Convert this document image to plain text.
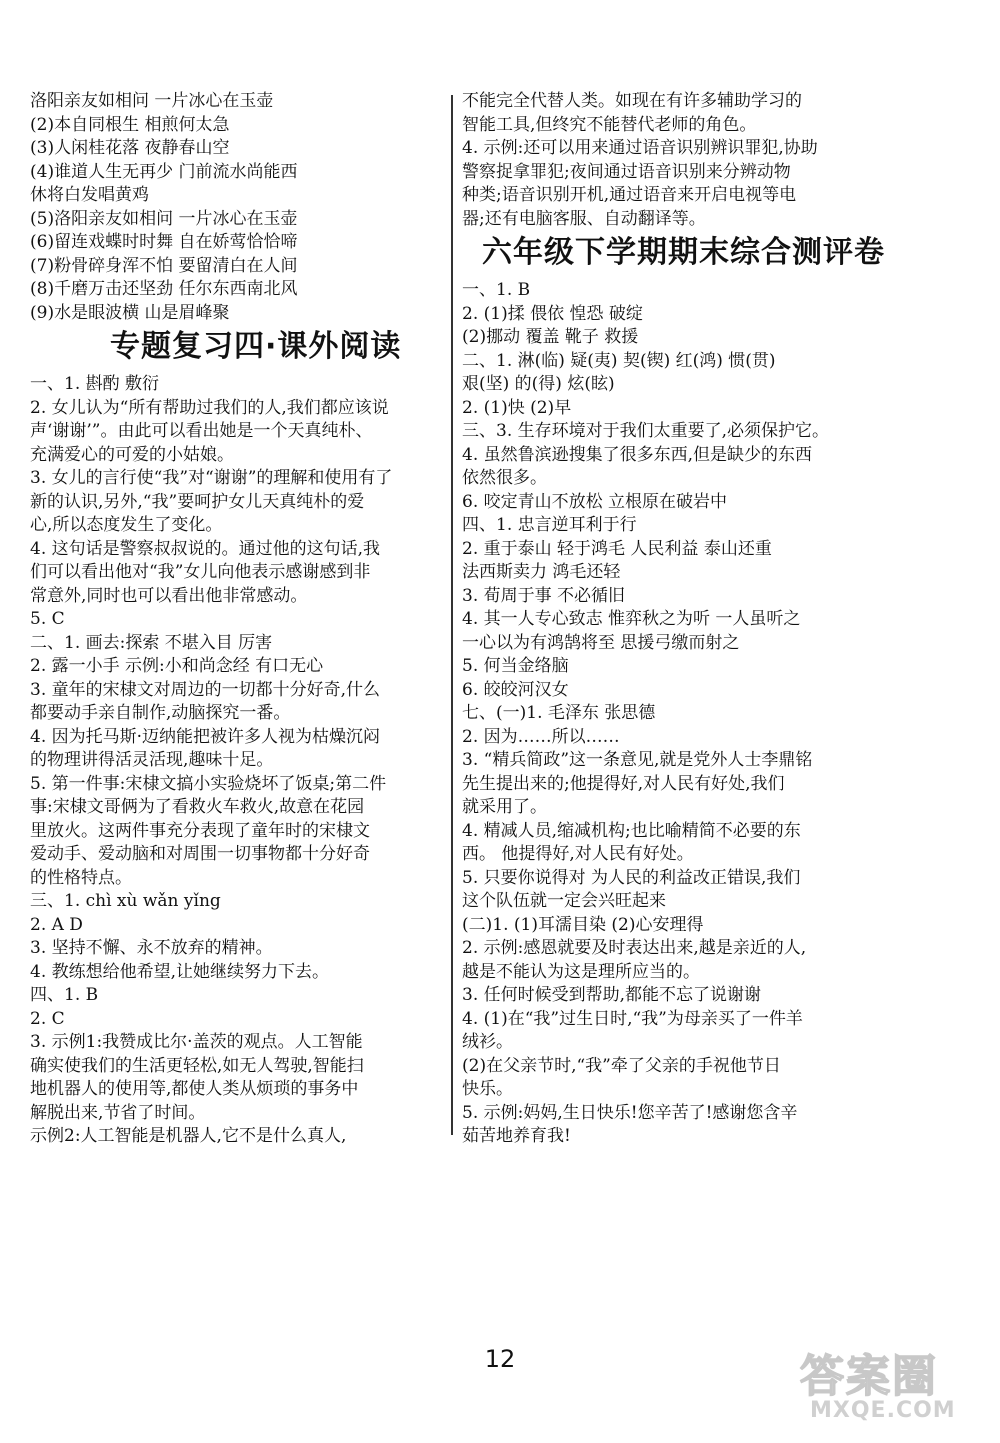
洛阳亲友如相问 一片冰心在玉壶
(2)本自同根生 相煎何太急
(3)人闲桂花落 夜静春山空
(4)谁道人生无再少 门前流水尚能西
休将白发唱黄鸡
(5)洛阳亲友如相问 一片冰心在玉壶
(6)留连戏蝶时时舞 自在娇莺恰恰啼
(7)粉骨碎身浑不怕 要留清白在人间
(8)千磨万击还坚劲 任尔东西南北风
(9)水是眼波横 山是眉峰聚
专题复习四·课外阅读
一、1. 斟酌 敷衍
2. 女儿认为“所有帮助过我们的人,我们都应该说
声‘谢谢’”。由此可以看出她是一个天真纯朴、
充满爱心的可爱的小姑娘。
3. 女儿的言行使“我”对“谢谢”的理解和使用有了
新的认识,另外,“我”要呵护女儿天真纯朴的爱
心,所以态度发生了变化。
4. 这句话是警察叔叔说的。通过他的这句话,我
们可以看出他对“我”女儿向他表示感谢感到非
常意外,同时也可以看出他非常感动。
5. C
二、1. 画去:探索 不堪入目 厉害
2. 露一小手 示例:小和尚念经 有口无心
3. 童年的宋棣文对周边的一切都十分好奇,什么
都要动手亲自制作,动脑探究一番。
4. 因为托马斯·迈纳能把被许多人视为枯燥沉闷
的物理讲得活灵活现,趣味十足。
5. 第一件事:宋棣文搞小实验烧坏了饭桌;第二件
事:宋棣文哥俩为了看救火车救火,故意在花园
里放火。这两件事充分表现了童年时的宋棣文
爱动手、爱动脑和对周围一切事物都十分好奇
的性格特点。
三、1. chì xù wǎn yǐng
2. A D
3. 坚持不懈、永不放弃的精神。
4. 教练想给他希望,让她继续努力下去。
四、1. B
2. C
3. 示例1:我赞成比尔·盖茨的观点。人工智能
确实使我们的生活更轻松,如无人驾驶,智能扫
地机器人的使用等,都使人类从烦琐的事务中
解脱出来,节省了时间。
示例2:人工智能是机器人,它不是什么真人,
不能完全代替人类。如现在有许多辅助学习的
智能工具,但终究不能替代老师的角色。
4. 示例:还可以用来通过语音识别辨识罪犯,协助
警察捉拿罪犯;夜间通过语音识别来分辨动物
种类;语音识别开机,通过语音来开启电视等电
器;还有电脑客服、自动翻译等。
六年级下学期期末综合测评卷
一、1. B
2. (1)揉 偎依 惶恐 破绽
(2)挪动 覆盖 靴子 救援
二、1. 淋(临) 疑(夷) 契(锲) 红(鸿) 惯(贯)
艰(坚) 的(得) 炫(眩)
2. (1)快 (2)早
三、3. 生存环境对于我们太重要了,必须保护它。
4. 虽然鲁滨逊搜集了很多东西,但是缺少的东西
依然很多。
6. 咬定青山不放松 立根原在破岩中
四、1. 忠言逆耳利于行
2. 重于泰山 轻于鸿毛 人民利益 泰山还重
法西斯卖力 鸿毛还轻
3. 荀周于事 不必循旧
4. 其一人专心致志 惟弈秋之为听 一人虽听之
一心以为有鸿鹄将至 思援弓缴而射之
5. 何当金络脑
6. 皎皎河汉女
七、(一)1. 毛泽东 张思德
2. 因为……所以……
3. “精兵简政”这一条意见,就是党外人士李鼎铭
先生提出来的;他提得好,对人民有好处,我们
就采用了。
4. 精减人员,缩减机构;也比喻精简不必要的东
西。 他提得好,对人民有好处。
5. 只要你说得对 为人民的利益改正错误,我们
这个队伍就一定会兴旺起来
(二)1. (1)耳濡目染 (2)心安理得
2. 示例:感恩就要及时表达出来,越是亲近的人,
越是不能认为这是理所应当的。
3. 任何时候受到帮助,都能不忘了说谢谢
4. (1)在“我”过生日时,“我”为母亲买了一件羊
绒衫。
(2)在父亲节时,“我”牵了父亲的手祝他节日
快乐。
5. 示例:妈妈,生日快乐!您辛苦了!感谢您含辛
茹苦地养育我!
12	答案圈
MXQE.COM
